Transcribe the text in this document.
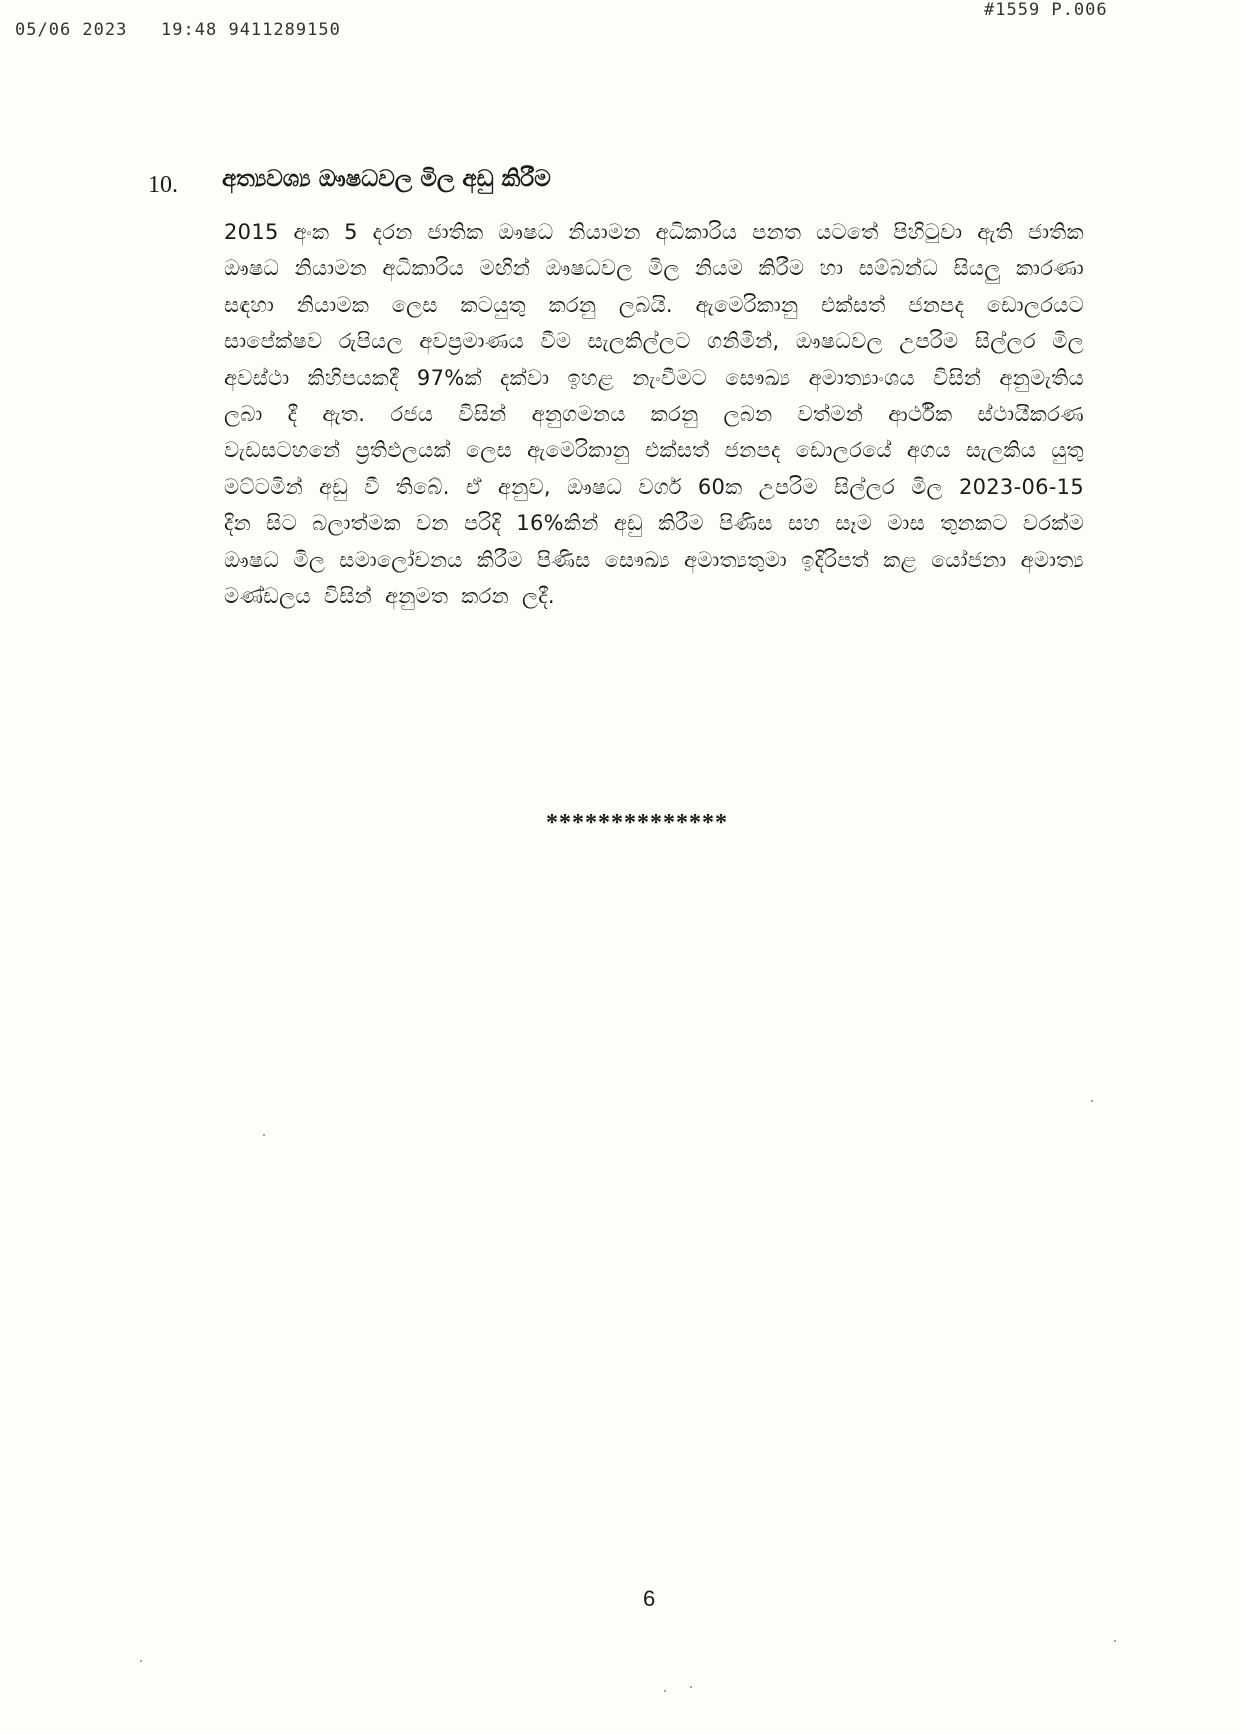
05/06 2023   19:48 9411289150
#1559 P.006
10. අත්‍යවශ්‍ය ඖෂධවල මිල අඩු කිරීම
2015 අංක 5 දරන ජාතික ඖෂධ නියාමන අධිකාරිය පනත යටතේ පිහිටුවා ඇති ජාතික ඖෂධ නියාමන අධිකාරිය මඟින් ඖෂධවල මිල නියම කිරීම හා සම්බන්ධ සියලු කාරණා සඳහා නියාමක ලෙස කටයුතු කරනු ලබයි. ඇමෙරිකානු එක්සත් ජනපද ඩොලරයට සාපේක්ෂව රුපියල අවප්‍රමාණය වීම සැලකිල්ලට ගනිමින්, ඖෂධවල උපරිම සිල්ලර මිල අවස්ථා කිහිපයකදී 97%ක් දක්වා ඉහළ නැංවීමට සෞඛ්‍ය අමාත්‍යාංශය විසින් අනුමැතිය ලබා දී ඇත. රජය විසින් අනුගමනය කරනු ලබන වත්මන් ආර්ථික ස්ථායීකරණ වැඩසටහනේ ප්‍රතිඵලයක් ලෙස ඇමෙරිකානු එක්සත් ජනපද ඩොලරයේ අගය සැලකිය යුතු මට්ටමින් අඩු වී තිබේ. ඒ අනුව, ඖෂධ වර්ග 60ක උපරිම සිල්ලර මිල 2023-06-15 දින සිට බලාත්මක වන පරිදි 16%කින් අඩු කිරීම පිණිස සහ සෑම මාස තුනකට වරක්ම ඖෂධ මිල සමාලෝචනය කිරීම පිණිස සෞඛ්‍ය අමාත්‍යතුමා ඉදිරිපත් කළ යෝජනා අමාත්‍ය මණ්ඩලය විසින් අනුමත කරන ලදී.
**************
6
